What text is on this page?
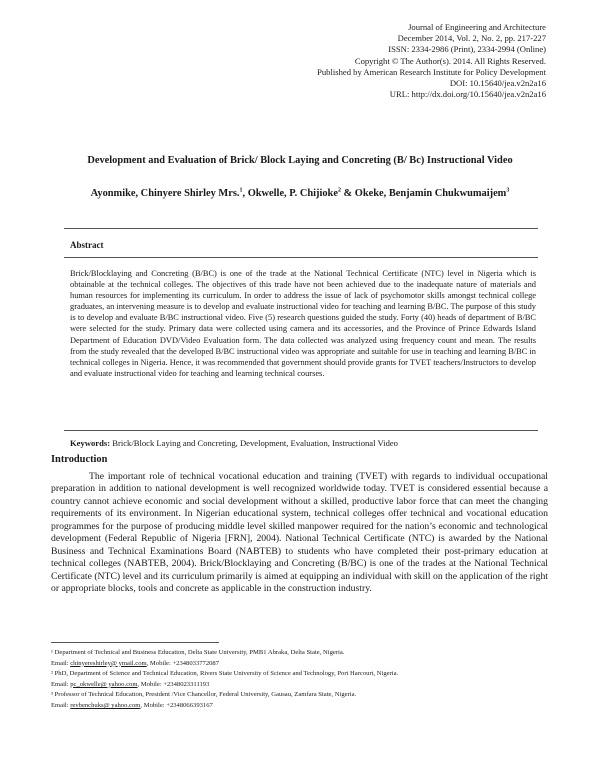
Journal of Engineering and Architecture
December 2014, Vol. 2, No. 2, pp. 217-227
ISSN: 2334-2986 (Print), 2334-2994 (Online)
Copyright © The Author(s). 2014. All Rights Reserved.
Published by American Research Institute for Policy Development
DOI: 10.15640/jea.v2n2a16
URL: http://dx.doi.org/10.15640/jea.v2n2a16
Development and Evaluation of Brick/ Block Laying and Concreting (B/ Bc) Instructional Video
Ayonmike, Chinyere Shirley Mrs.$^1$, Okwelle, P. Chijioke$^2$ & Okeke, Benjamin Chukwumaijem$^3$
Abstract

Brick/Blocklaying and Concreting (B/BC) is one of the trade at the National Technical Certificate (NTC) level in Nigeria which is obtainable at the technical colleges. The objectives of this trade have not been achieved due to the inadequate nature of materials and human resources for implementing its curriculum. In order to address the issue of lack of psychomotor skills amongst technical college graduates, an intervening measure is to develop and evaluate instructional video for teaching and learning B/BC. The purpose of this study is to develop and evaluate B/BC instructional video. Five (5) research questions guided the study. Forty (40) heads of department of B/BC were selected for the study. Primary data were collected using camera and its accessories, and the Province of Prince Edwards Island Department of Education DVD/Video Evaluation form. The data collected was analyzed using frequency count and mean. The results from the study revealed that the developed B/BC instructional video was appropriate and suitable for use in teaching and learning B/BC in technical colleges in Nigeria. Hence, it was recommended that government should provide grants for TVET teachers/Instructors to develop and evaluate instructional video for teaching and learning technical courses.

Keywords: Brick/Block Laying and Concreting, Development, Evaluation, Instructional Video
Introduction

The important role of technical vocational education and training (TVET) with regards to individual occupational preparation in addition to national development is well recognized worldwide today. TVET is considered essential because a country cannot achieve economic and social development without a skilled, productive labor force that can meet the changing requirements of its environment. In Nigerian educational system, technical colleges offer technical and vocational education programmes for the purpose of producing middle level skilled manpower required for the nation’s economic and technological development (Federal Republic of Nigeria [FRN], 2004). National Technical Certificate (NTC) is awarded by the National Business and Technical Examinations Board (NABTEB) to students who have completed their post-primary education at technical colleges (NABTEB, 2004). Brick/Blocklaying and Concreting (B/BC) is one of the trades at the National Technical Certificate (NTC) level and its curriculum primarily is aimed at equipping an individual with skill on the application of the right or appropriate blocks, tools and concrete as applicable in the construction industry.

¹ Department of Technical and Business Education, Delta State University, PMB1 Abraka, Delta State, Nigeria.
Email: chinyereshirley@ ymail.com, Mobile: +2348033772087
² PhD, Department of Science and Technical Education, Rivers State University of Science and Technology, Port Harcourt, Nigeria.
Email: pc_okwelle@ yahoo.com, Mobile: +2348023311193
³ Professor of Technical Education, President /Vice Chancellor, Federal University, Gausau, Zamfara State, Nigeria.
Email: revbenchuks@ yahoo.com, Mobile: +2348066393167
